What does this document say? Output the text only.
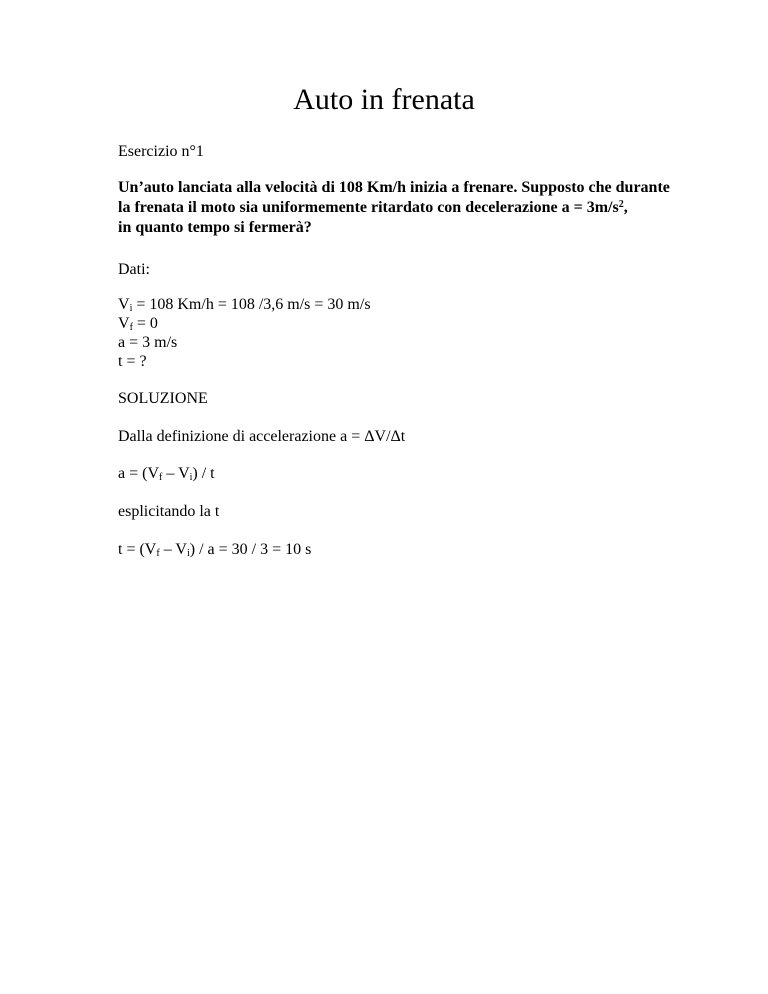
Auto in frenata

Esercizio n°1

Un’auto lanciata alla velocità di 108 Km/h inizia a frenare. Supposto che durante
la frenata il moto sia uniformemente ritardato con decelerazione $a = 3m/s^2$,
in quanto tempo si fermerà?

Dati:

$V_i = 108$ Km/h = 108 /3,6 m/s = 30 m/s
$V_f = 0$
a = 3 m/s
t = ?

SOLUZIONE

Dalla definizione di accelerazione a = ΔV/Δt

$a = (V_f - V_i) / t$

esplicitando la t

$t = (V_f - V_i) / a = 30 / 3 = 10$ s
